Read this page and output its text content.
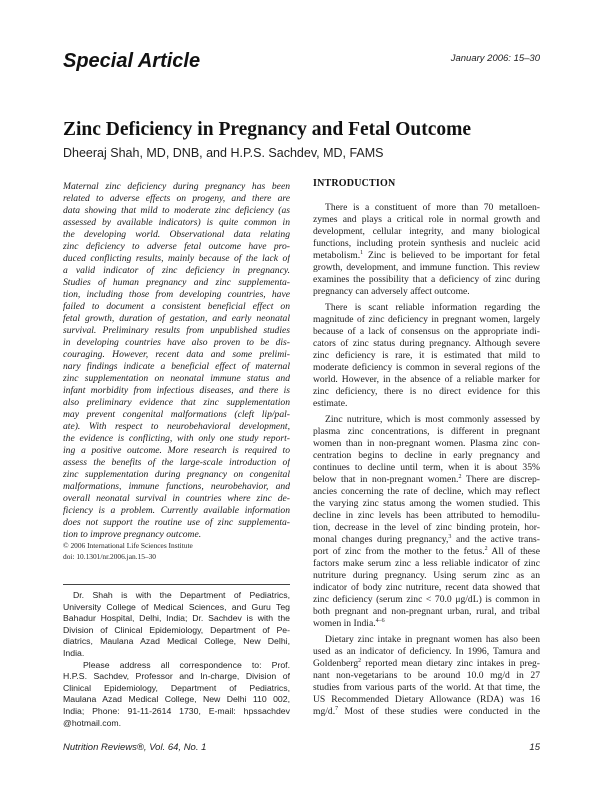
Special Article	January 2006: 15–30
Zinc Deficiency in Pregnancy and Fetal Outcome
Dheeraj Shah, MD, DNB, and H.P.S. Sachdev, MD, FAMS
Maternal zinc deficiency during pregnancy has been
related to adverse effects on progeny, and there are
data showing that mild to moderate zinc deficiency (as
assessed by available indicators) is quite common in
the developing world. Observational data relating
zinc deficiency to adverse fetal outcome have pro-
duced conflicting results, mainly because of the lack of
a valid indicator of zinc deficiency in pregnancy.
Studies of human pregnancy and zinc supplementa-
tion, including those from developing countries, have
failed to document a consistent beneficial effect on
fetal growth, duration of gestation, and early neonatal
survival. Preliminary results from unpublished studies
in developing countries have also proven to be dis-
couraging. However, recent data and some prelimi-
nary findings indicate a beneficial effect of maternal
zinc supplementation on neonatal immune status and
infant morbidity from infectious diseases, and there is
also preliminary evidence that zinc supplementation
may prevent congenital malformations (cleft lip/pal-
ate). With respect to neurobehavioral development,
the evidence is conflicting, with only one study report-
ing a positive outcome. More research is required to
assess the benefits of the large-scale introduction of
zinc supplementation during pregnancy on congenital
malformations, immune functions, neurobehavior, and
overall neonatal survival in countries where zinc de-
ficiency is a problem. Currently available information
does not support the routine use of zinc supplementa-
tion to improve pregnancy outcome.
© 2006 International Life Sciences Institute
doi: 10.1301/nr.2006.jan.15–30
Dr. Shah is with the Department of Pediatrics,
University College of Medical Sciences, and Guru Teg
Bahadur Hospital, Delhi, India; Dr. Sachdev is with the
Division of Clinical Epidemiology, Department of Pe-
diatrics, Maulana Azad Medical College, New Delhi,
India.
Please address all correspondence to: Prof.
H.P.S. Sachdev, Professor and In-charge, Division of
Clinical Epidemiology, Department of Pediatrics,
Maulana Azad Medical College, New Delhi 110 002,
India; Phone: 91-11-2614 1730, E-mail: hpssachdev
@hotmail.com.
INTRODUCTION
There is a constituent of more than 70 metalloen-
zymes and plays a critical role in normal growth and
development, cellular integrity, and many biological
functions, including protein synthesis and nucleic acid
metabolism.$^1$ Zinc is believed to be important for fetal
growth, development, and immune function. This review
examines the possibility that a deficiency of zinc during
pregnancy can adversely affect outcome.
There is scant reliable information regarding the
magnitude of zinc deficiency in pregnant women, largely
because of a lack of consensus on the appropriate indi-
cators of zinc status during pregnancy. Although severe
zinc deficiency is rare, it is estimated that mild to
moderate deficiency is common in several regions of the
world. However, in the absence of a reliable marker for
zinc deficiency, there is no direct evidence for this
estimate.
Zinc nutriture, which is most commonly assessed by
plasma zinc concentrations, is different in pregnant
women than in non-pregnant women. Plasma zinc con-
centration begins to decline in early pregnancy and
continues to decline until term, when it is about 35%
below that in non-pregnant women.$^2$ There are discrep-
ancies concerning the rate of decline, which may reflect
the varying zinc status among the women studied. This
decline in zinc levels has been attributed to hemodilu-
tion, decrease in the level of zinc binding protein, hor-
monal changes during pregnancy,$^3$ and the active trans-
port of zinc from the mother to the fetus.$^2$ All of these
factors make serum zinc a less reliable indicator of zinc
nutriture during pregnancy. Using serum zinc as an
indicator of body zinc nutriture, recent data showed that
zinc deficiency (serum zinc < 70.0 μg/dL) is common in
both pregnant and non-pregnant urban, rural, and tribal
women in India.$^{4-6}$
Dietary zinc intake in pregnant women has also been
used as an indicator of deficiency. In 1996, Tamura and
Goldenberg$^2$ reported mean dietary zinc intakes in preg-
nant non-vegetarians to be around 10.0 mg/d in 27
studies from various parts of the world. At that time, the
US Recommended Dietary Allowance (RDA) was 16
mg/d.$^7$ Most of these studies were conducted in the
Nutrition Reviews®, Vol. 64, No. 1	15
